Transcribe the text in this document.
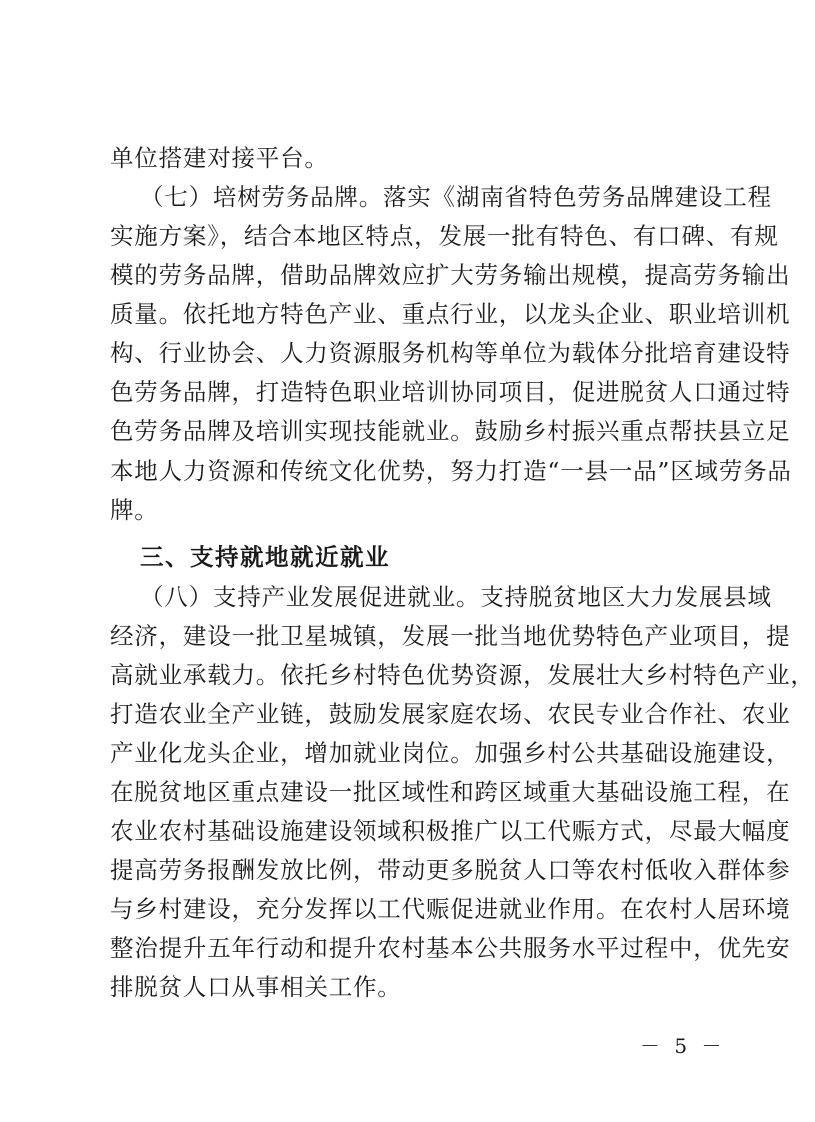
单位搭建对接平台。
（七）培树劳务品牌。落实《湖南省特色劳务品牌建设工程
实施方案》，结合本地区特点，发展一批有特色、有口碑、有规
模的劳务品牌，借助品牌效应扩大劳务输出规模，提高劳务输出
质量。依托地方特色产业、重点行业，以龙头企业、职业培训机
构、行业协会、人力资源服务机构等单位为载体分批培育建设特
色劳务品牌，打造特色职业培训协同项目，促进脱贫人口通过特
色劳务品牌及培训实现技能就业。鼓励乡村振兴重点帮扶县立足
本地人力资源和传统文化优势，努力打造“一县一品”区域劳务品
牌。
三、支持就地就近就业
（八）支持产业发展促进就业。支持脱贫地区大力发展县域
经济，建设一批卫星城镇，发展一批当地优势特色产业项目，提
高就业承载力。依托乡村特色优势资源，发展壮大乡村特色产业，
打造农业全产业链，鼓励发展家庭农场、农民专业合作社、农业
产业化龙头企业，增加就业岗位。加强乡村公共基础设施建设，
在脱贫地区重点建设一批区域性和跨区域重大基础设施工程，在
农业农村基础设施建设领域积极推广以工代赈方式，尽最大幅度
提高劳务报酬发放比例，带动更多脱贫人口等农村低收入群体参
与乡村建设，充分发挥以工代赈促进就业作用。在农村人居环境
整治提升五年行动和提升农村基本公共服务水平过程中，优先安
排脱贫人口从事相关工作。
－ 5 －
